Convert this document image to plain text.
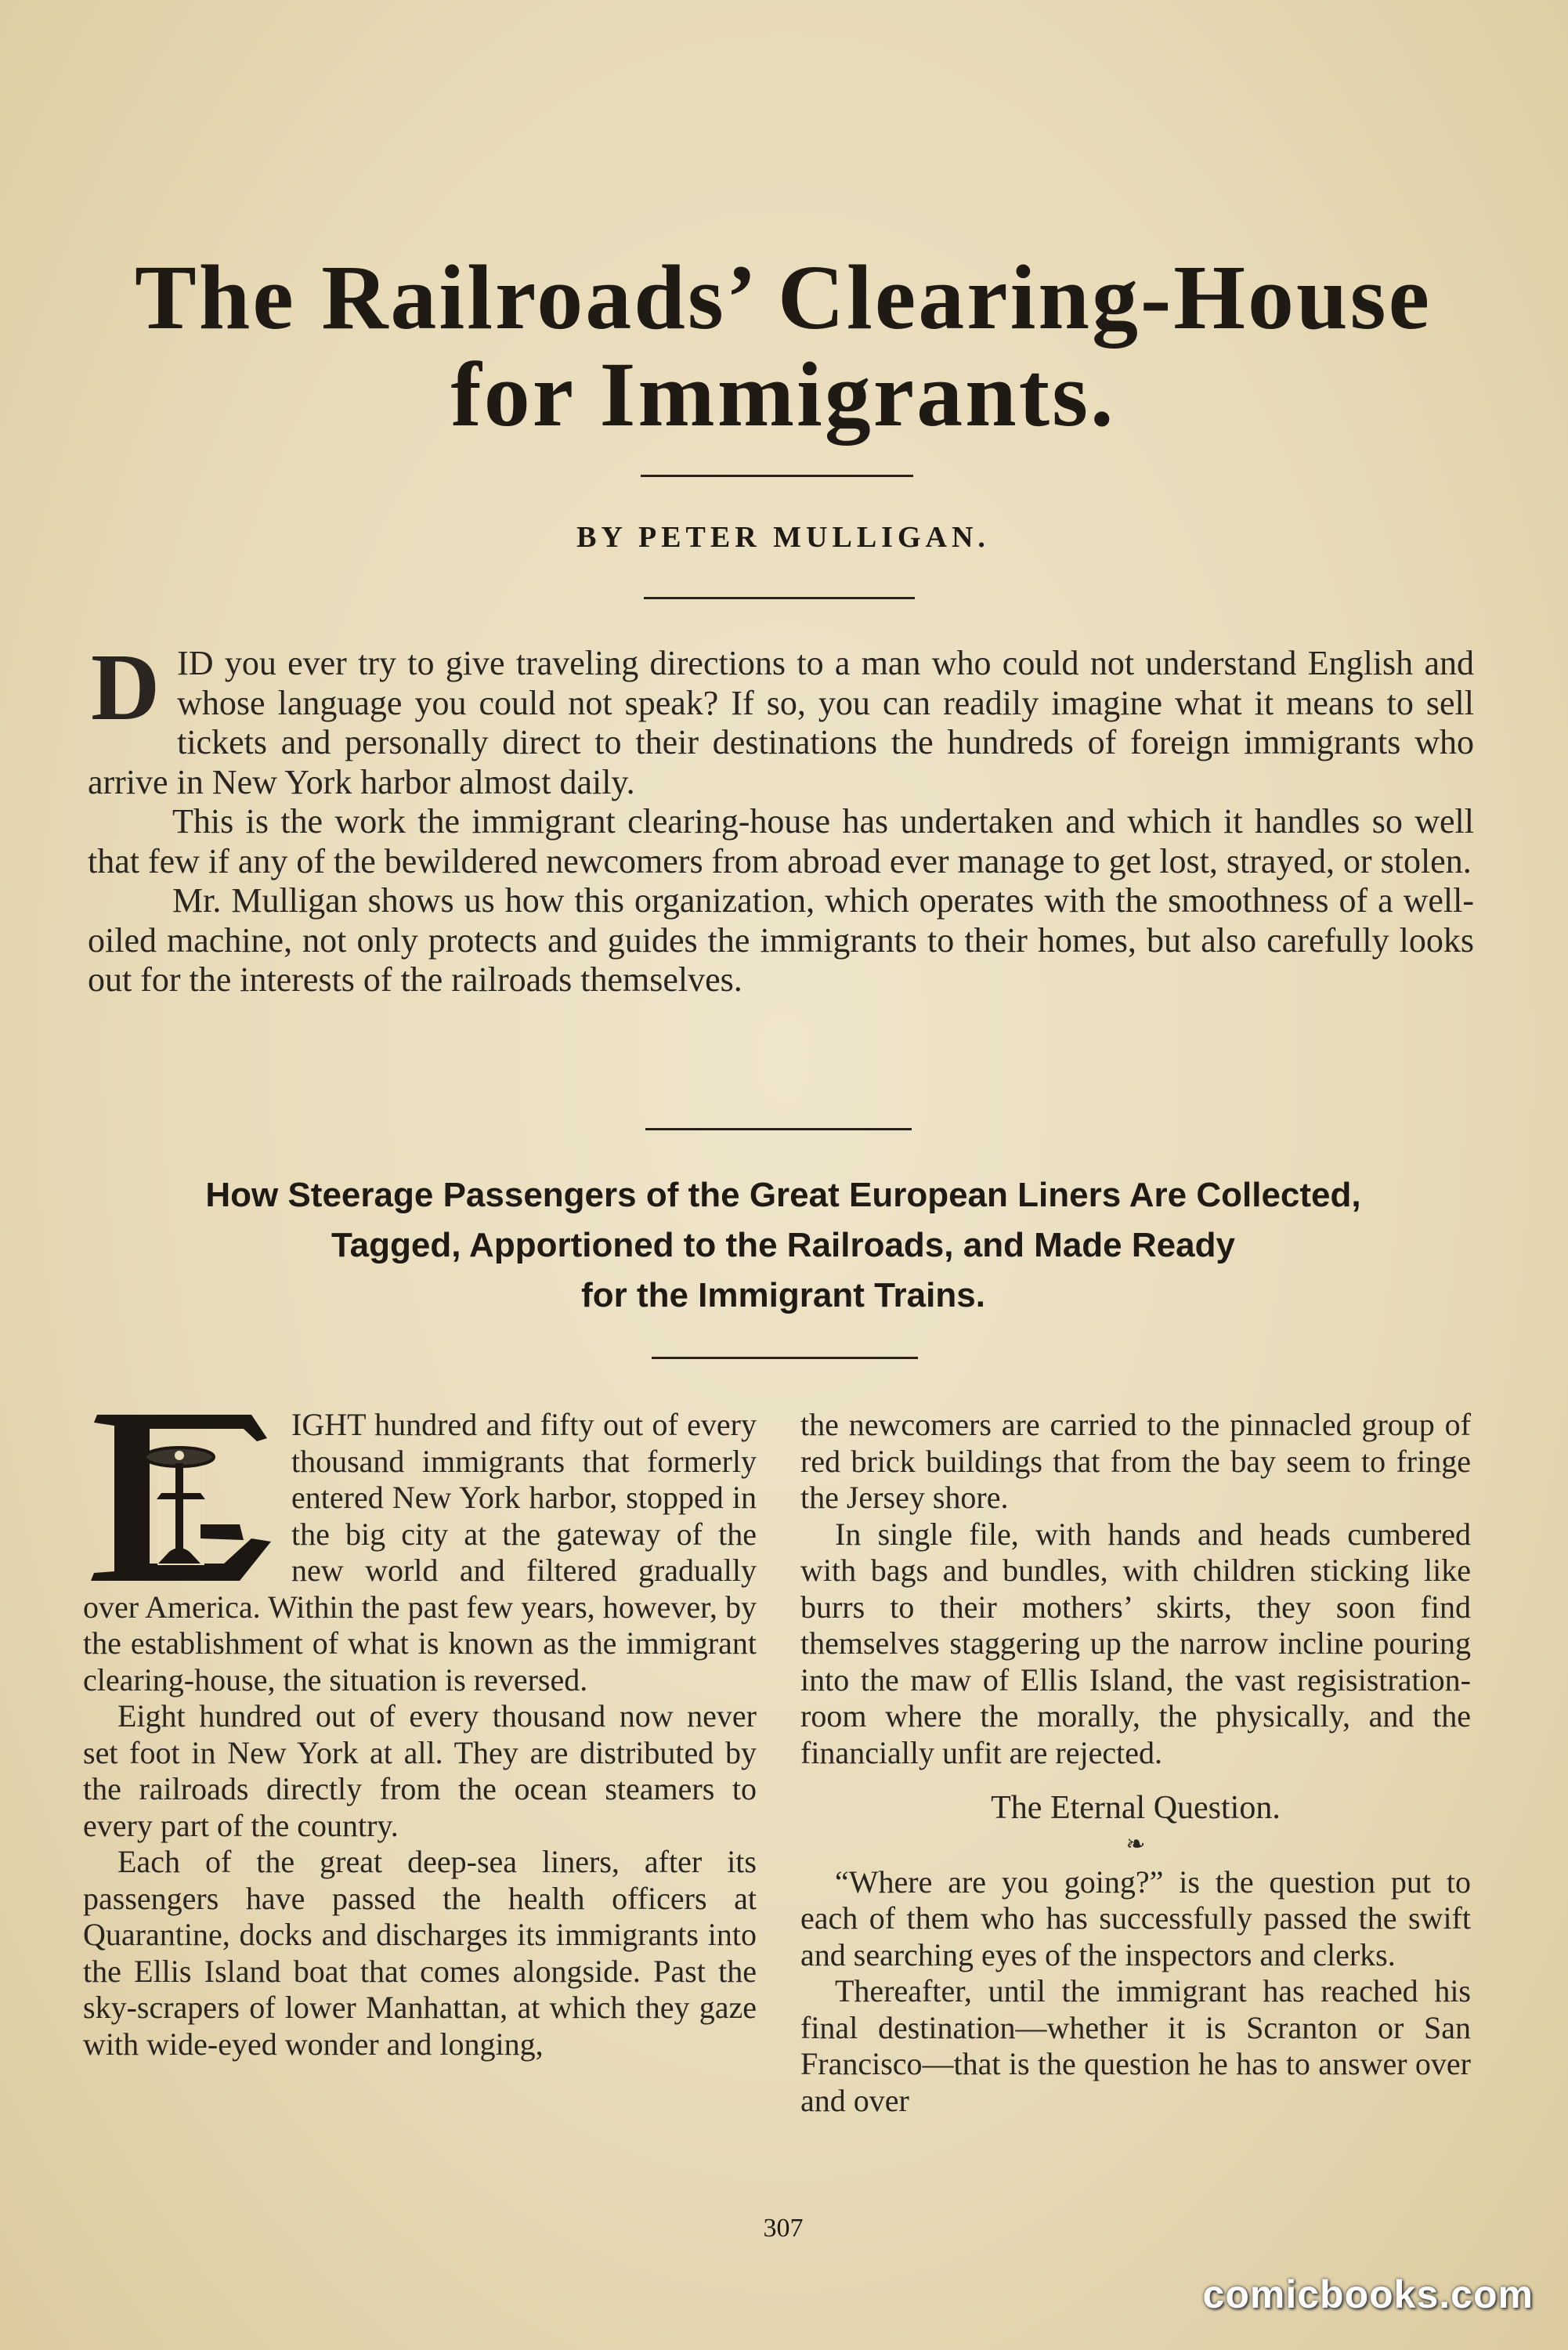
The Railroads’ Clearing-House
for Immigrants.

BY PETER MULLIGAN.

D ID you ever try to give traveling directions to a man who could not understand English and whose language you could not speak? If so, you can readily imagine what it means to sell tickets and personally direct to their destinations the hundreds of foreign immigrants who arrive in New York harbor almost daily.

This is the work the immigrant clearing-house has undertaken and which it handles so well that few if any of the bewildered newcomers from abroad ever manage to get lost, strayed, or stolen.

Mr. Mulligan shows us how this organization, which operates with the smoothness of a well-oiled machine, not only protects and guides the immigrants to their homes, but also carefully looks out for the interests of the railroads themselves.

How Steerage Passengers of the Great European Liners Are Collected,
Tagged, Apportioned to the Railroads, and Made Ready
for the Immigrant Trains.

IGHT hundred and fifty out of every thousand immigrants that formerly entered New York harbor, stopped in the big city at the gateway of the new world and filtered gradually over America. Within the past few years, however, by the establishment of what is known as the immigrant clearing-house, the situation is reversed.

Eight hundred out of every thousand now never set foot in New York at all. They are distributed by the railroads directly from the ocean steamers to every part of the country.

Each of the great deep-sea liners, after its passengers have passed the health officers at Quarantine, docks and discharges its immigrants into the Ellis Island boat that comes alongside. Past the sky-scrapers of lower Manhattan, at which they gaze with wide-eyed wonder and longing,

the newcomers are carried to the pinnacled group of red brick buildings that from the bay seem to fringe the Jersey shore.

In single file, with hands and heads cumbered with bags and bundles, with children sticking like burrs to their mothers’ skirts, they soon find themselves staggering up the narrow incline pouring into the maw of Ellis Island, the vast regisistration-room where the morally, the physically, and the financially unfit are rejected.

The Eternal Question.

❧

“Where are you going?” is the question put to each of them who has successfully passed the swift and searching eyes of the inspectors and clerks.

Thereafter, until the immigrant has reached his final destination—whether it is Scranton or San Francisco—that is the question he has to answer over and over

307

comicbooks.com
